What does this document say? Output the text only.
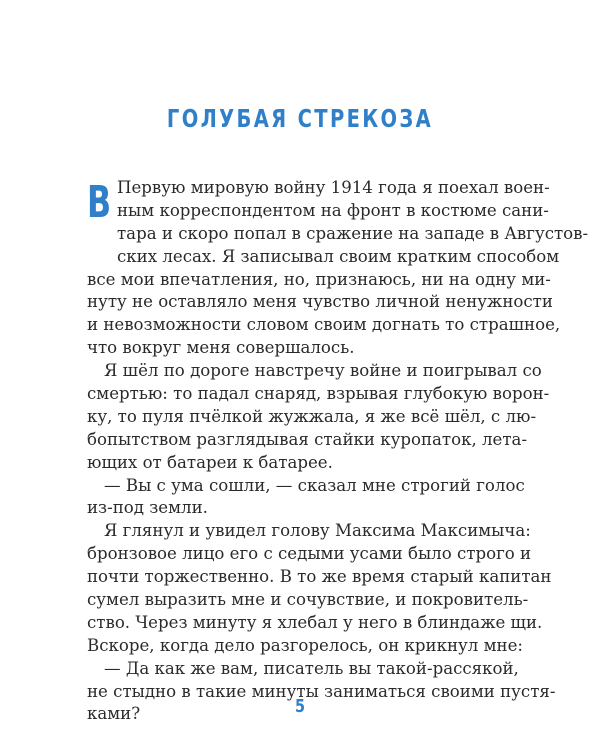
ГОЛУБАЯ СТРЕКОЗА
В Первую мировую войну 1914 года я поехал воен-
ным корреспондентом на фронт в костюме сани-
тара и скоро попал в сражение на западе в Августов-
ских лесах. Я записывал своим кратким способом
все мои впечатления, но, признаюсь, ни на одну ми-
нуту не оставляло меня чувство личной ненужности
и невозможности словом своим догнать то страшное,
что вокруг меня совершалось.
Я шёл по дороге навстречу войне и поигрывал со
смертью: то падал снаряд, взрывая глубокую ворон-
ку, то пуля пчёлкой жужжала, я же всё шёл, с лю-
бопытством разглядывая стайки куропаток, лета-
ющих от батареи к батарее.
— Вы с ума сошли, — сказал мне строгий голос
из-под земли.
Я глянул и увидел голову Максима Максимыча:
бронзовое лицо его с седыми усами было строго и
почти торжественно. В то же время старый капитан
сумел выразить мне и сочувствие, и покровитель-
ство. Через минуту я хлебал у него в блиндаже щи.
Вскоре, когда дело разгорелось, он крикнул мне:
— Да как же вам, писатель вы такой-рассякой,
не стыдно в такие минуты заниматься своими пустя-
ками?	5
